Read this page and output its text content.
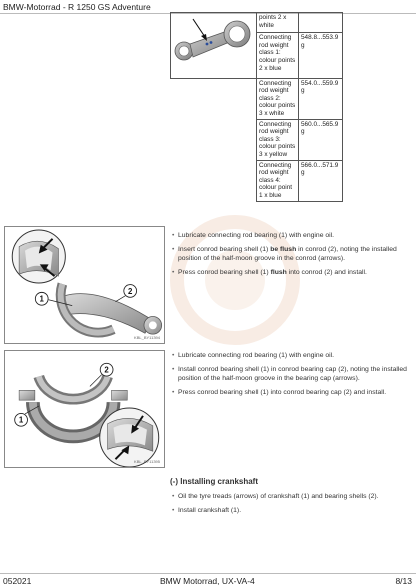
BMW-Motorrad - R 1250 GS Adventure
	points 2 x white	
	Connecting rod weight class 1: colour points 2 x blue	548.8...553.9 g
	Connecting rod weight class 2: colour points 3 x white	554.0...559.9 g
	Connecting rod weight class 3: colour points 3 x yellow	560.0...565.9 g
	Connecting rod weight class 4: colour point 1 x blue	566.0...571.9 g
1
2
KBL_BY11394
• Lubricate connecting rod bearing (1) with engine oil.
• Insert conrod bearing shell (1) be flush in conrod (2), noting the installed position of the half-moon groove in the conrod (arrows).
• Press conrod bearing shell (1) flush into conrod (2) and install.
2
1
KBL_BY11395
• Lubricate connecting rod bearing (1) with engine oil.
• Install conrod bearing shell (1) in conrod bearing cap (2), noting the installed position of the half-moon groove in the bearing cap (arrows).
• Press conrod bearing shell (1) into conrod bearing cap (2) and install.
(-) Installing crankshaft
• Oil the tyre treads (arrows) of crankshaft (1) and bearing shells (2).
• Install crankshaft (1).
052021	BMW Motorrad, UX-VA-4	8/13
